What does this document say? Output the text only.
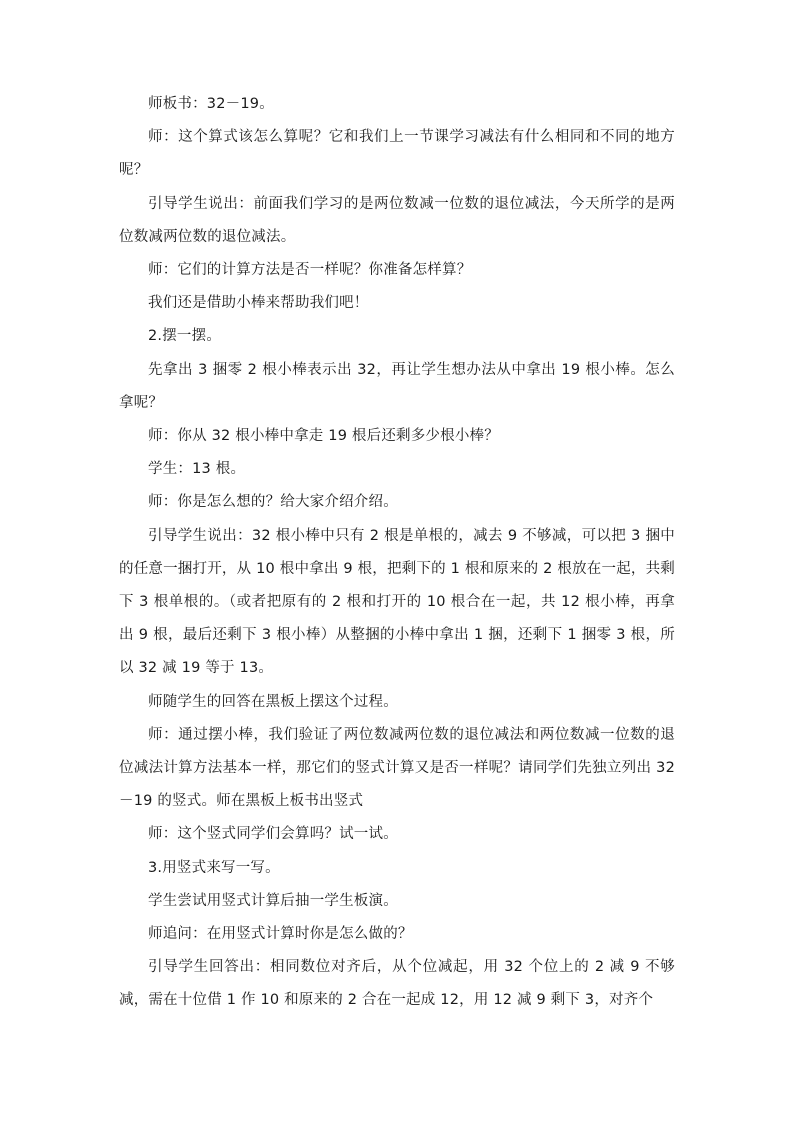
师板书：32－19。

师：这个算式该怎么算呢？它和我们上一节课学习减法有什么相同和不同的地方呢？

引导学生说出：前面我们学习的是两位数减一位数的退位减法，今天所学的是两位数减两位数的退位减法。

师：它们的计算方法是否一样呢？你准备怎样算？

我们还是借助小棒来帮助我们吧！

2.摆一摆。

先拿出 3 捆零 2 根小棒表示出 32，再让学生想办法从中拿出 19 根小棒。怎么拿呢？

师：你从 32 根小棒中拿走 19 根后还剩多少根小棒？

学生：13 根。

师：你是怎么想的？给大家介绍介绍。

引导学生说出：32 根小棒中只有 2 根是单根的，减去 9 不够减，可以把 3 捆中的任意一捆打开，从 10 根中拿出 9 根，把剩下的 1 根和原来的 2 根放在一起，共剩下 3 根单根的。（或者把原有的 2 根和打开的 10 根合在一起，共 12 根小棒，再拿出 9 根，最后还剩下 3 根小棒）从整捆的小棒中拿出 1 捆，还剩下 1 捆零 3 根，所以 32 减 19 等于 13。

师随学生的回答在黑板上摆这个过程。

师：通过摆小棒，我们验证了两位数减两位数的退位减法和两位数减一位数的退位减法计算方法基本一样，那它们的竖式计算又是否一样呢？请同学们先独立列出 32－19 的竖式。师在黑板上板书出竖式

师：这个竖式同学们会算吗？试一试。

3.用竖式来写一写。

学生尝试用竖式计算后抽一学生板演。

师追问：在用竖式计算时你是怎么做的？

引导学生回答出：相同数位对齐后，从个位减起，用 32 个位上的 2 减 9 不够减，需在十位借 1 作 10 和原来的 2 合在一起成 12，用 12 减 9 剩下 3，对齐个
